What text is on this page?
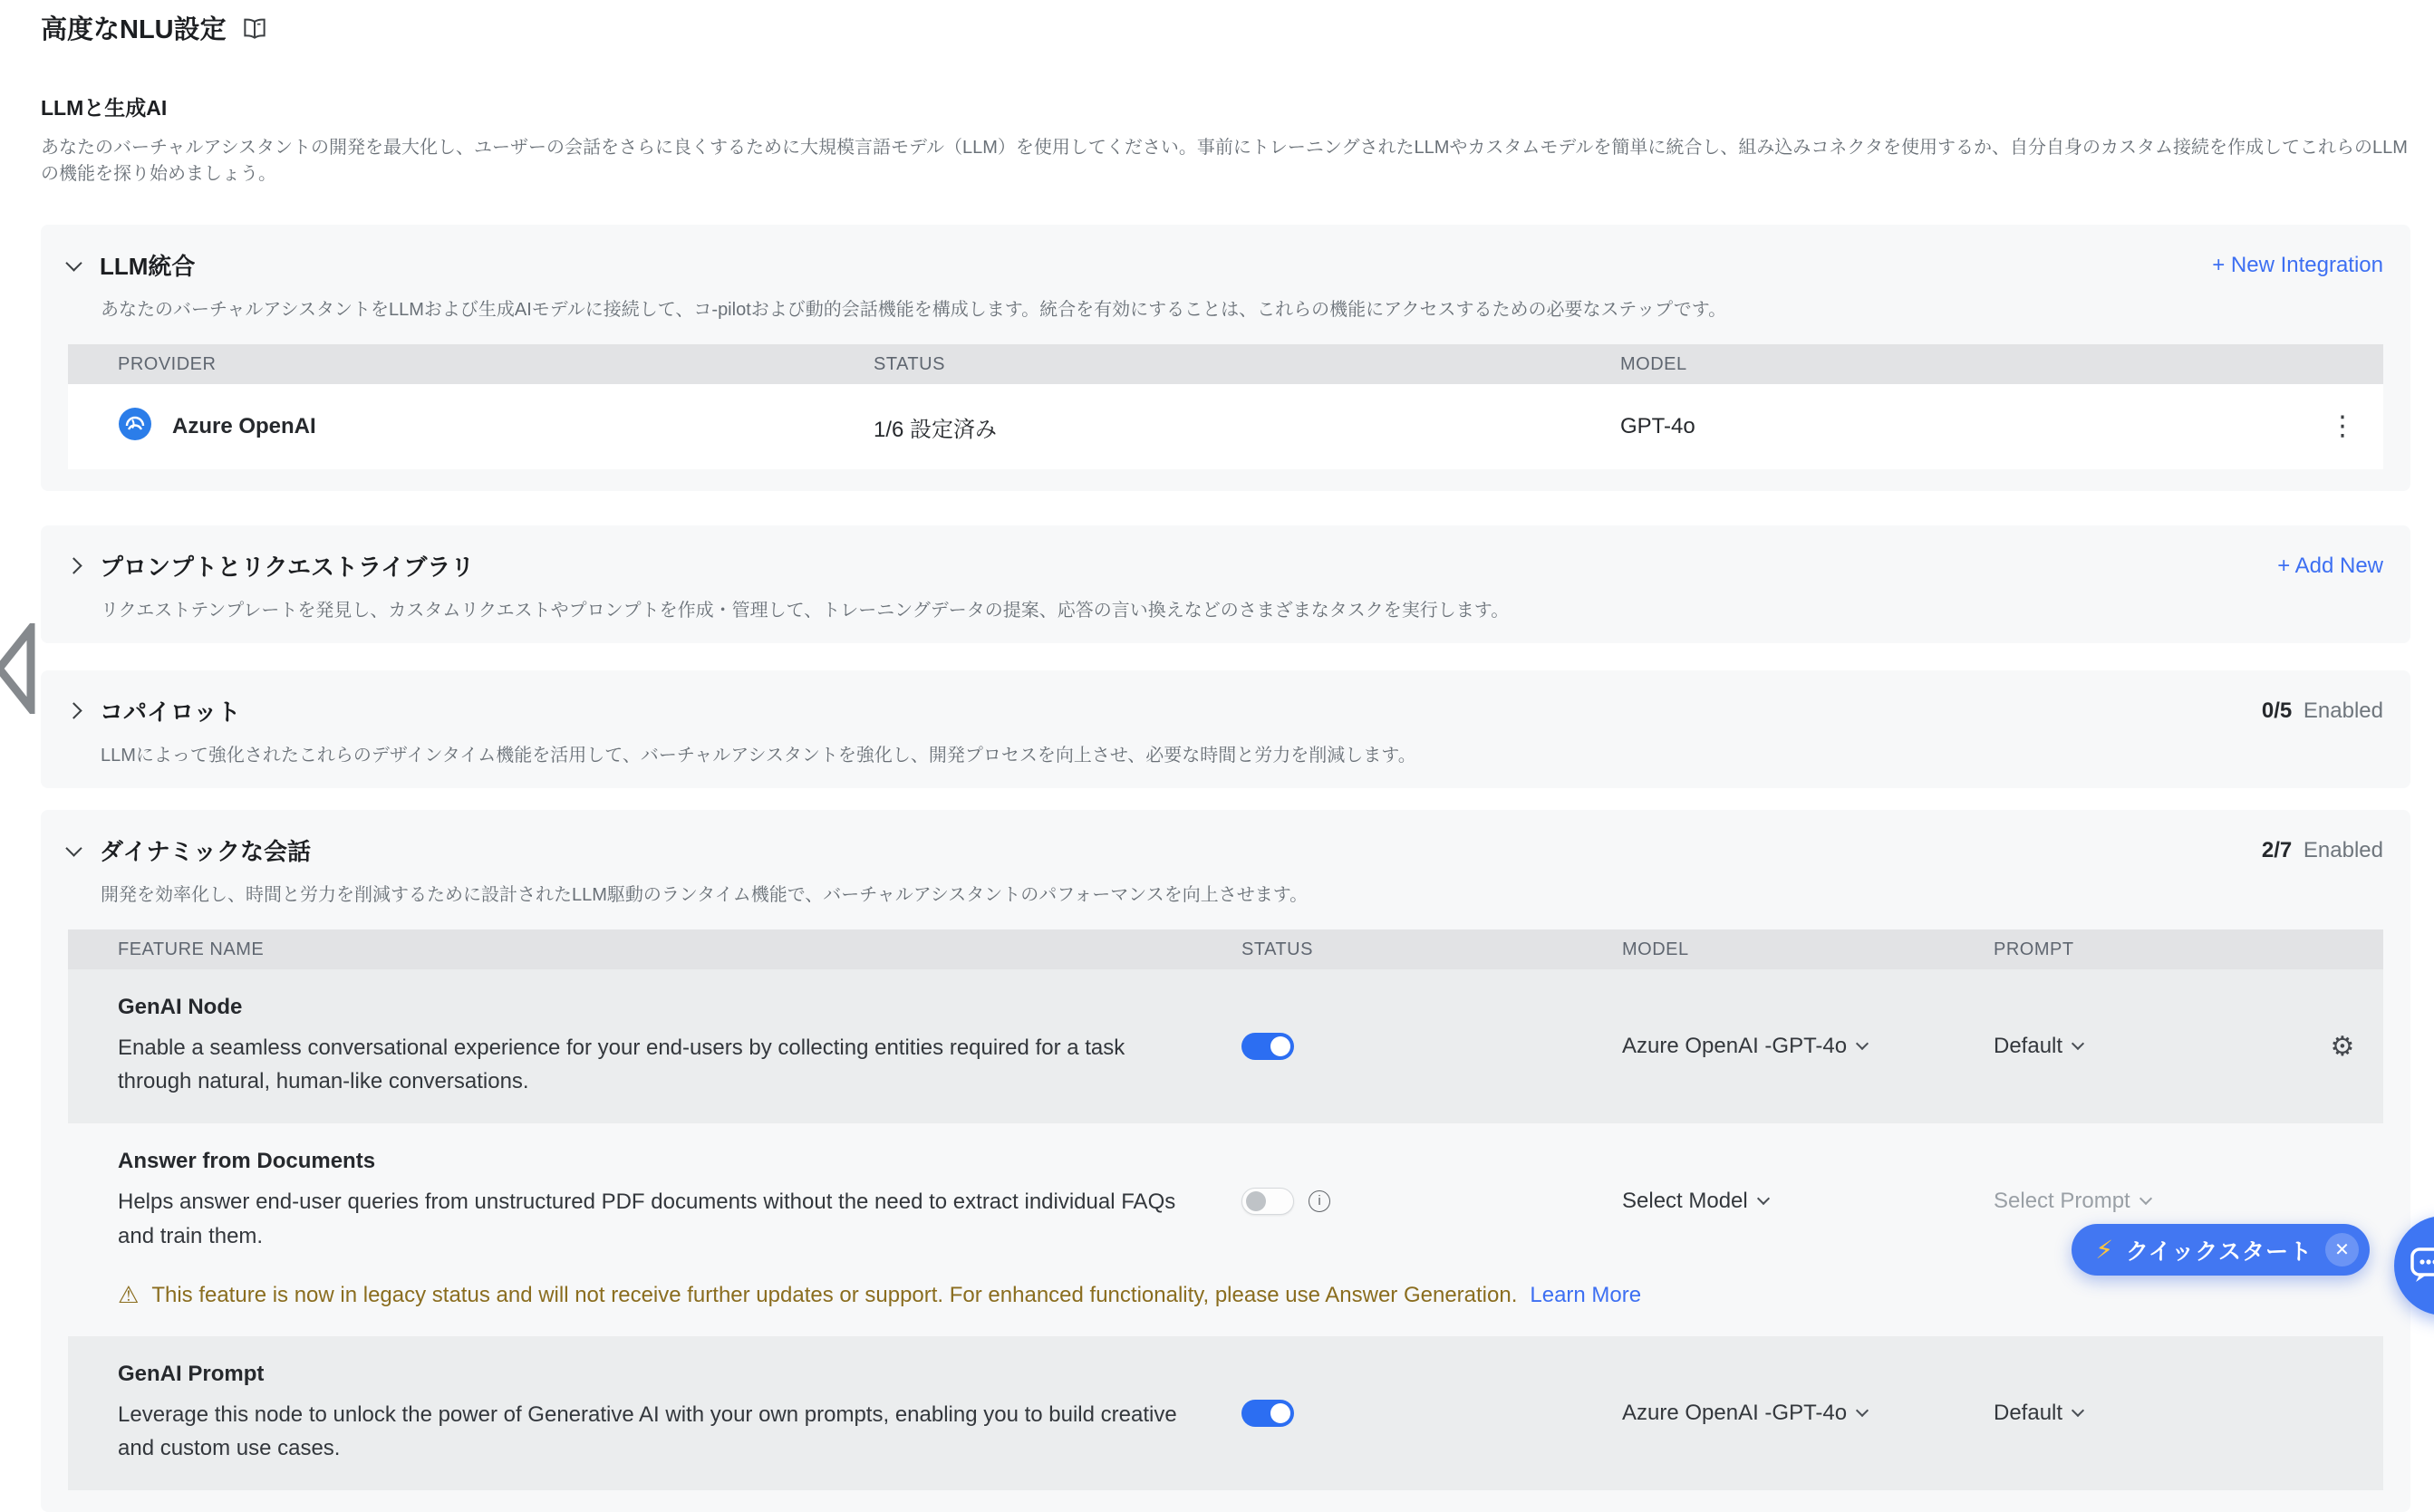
高度なNLU設定
LLMと生成AI
あなたのバーチャルアシスタントの開発を最大化し、ユーザーの会話をさらに良くするために大規模言語モデル（LLM）を使用してください。事前にトレーニングされたLLMやカスタムモデルを簡単に統合し、組み込みコネクタを使用するか、自分自身のカスタム接続を作成してこれらのLLMの機能を探り始めましょう。
LLM統合	+ New Integration
あなたのバーチャルアシスタントをLLMおよび生成AIモデルに接続して、コ-pilotおよび動的会話機能を構成します。統合を有効にすることは、これらの機能にアクセスするための必要なステップです。
PROVIDER	STATUS	MODEL
Azure OpenAI	1/6 設定済み	GPT-4o	⋮
プロンプトとリクエストライブラリ	+ Add New
リクエストテンプレートを発見し、カスタムリクエストやプロンプトを作成・管理して、トレーニングデータの提案、応答の言い換えなどのさまざまなタスクを実行します。
コパイロット	0/5 Enabled
LLMによって強化されたこれらのデザインタイム機能を活用して、バーチャルアシスタントを強化し、開発プロセスを向上させ、必要な時間と労力を削減します。
ダイナミックな会話	2/7 Enabled
開発を効率化し、時間と労力を削減するために設計されたLLM駆動のランタイム機能で、バーチャルアシスタントのパフォーマンスを向上させます。
FEATURE NAME	STATUS	MODEL	PROMPT
GenAI Node
Enable a seamless conversational experience for your end-users by collecting entities required for a task through natural, human-like conversations.
Azure OpenAI -GPT-4o	Default	⚙
Answer from Documents
Helps answer end-user queries from unstructured PDF documents without the need to extract individual FAQs and train them.
i	Select Model	Select Prompt
⚠ This feature is now in legacy status and will not receive further updates or support. For enhanced functionality, please use Answer Generation. Learn More
GenAI Prompt
Leverage this node to unlock the power of Generative AI with your own prompts, enabling you to build creative and custom use cases.
Azure OpenAI -GPT-4o	Default
⚡ クイックスタート	✕
